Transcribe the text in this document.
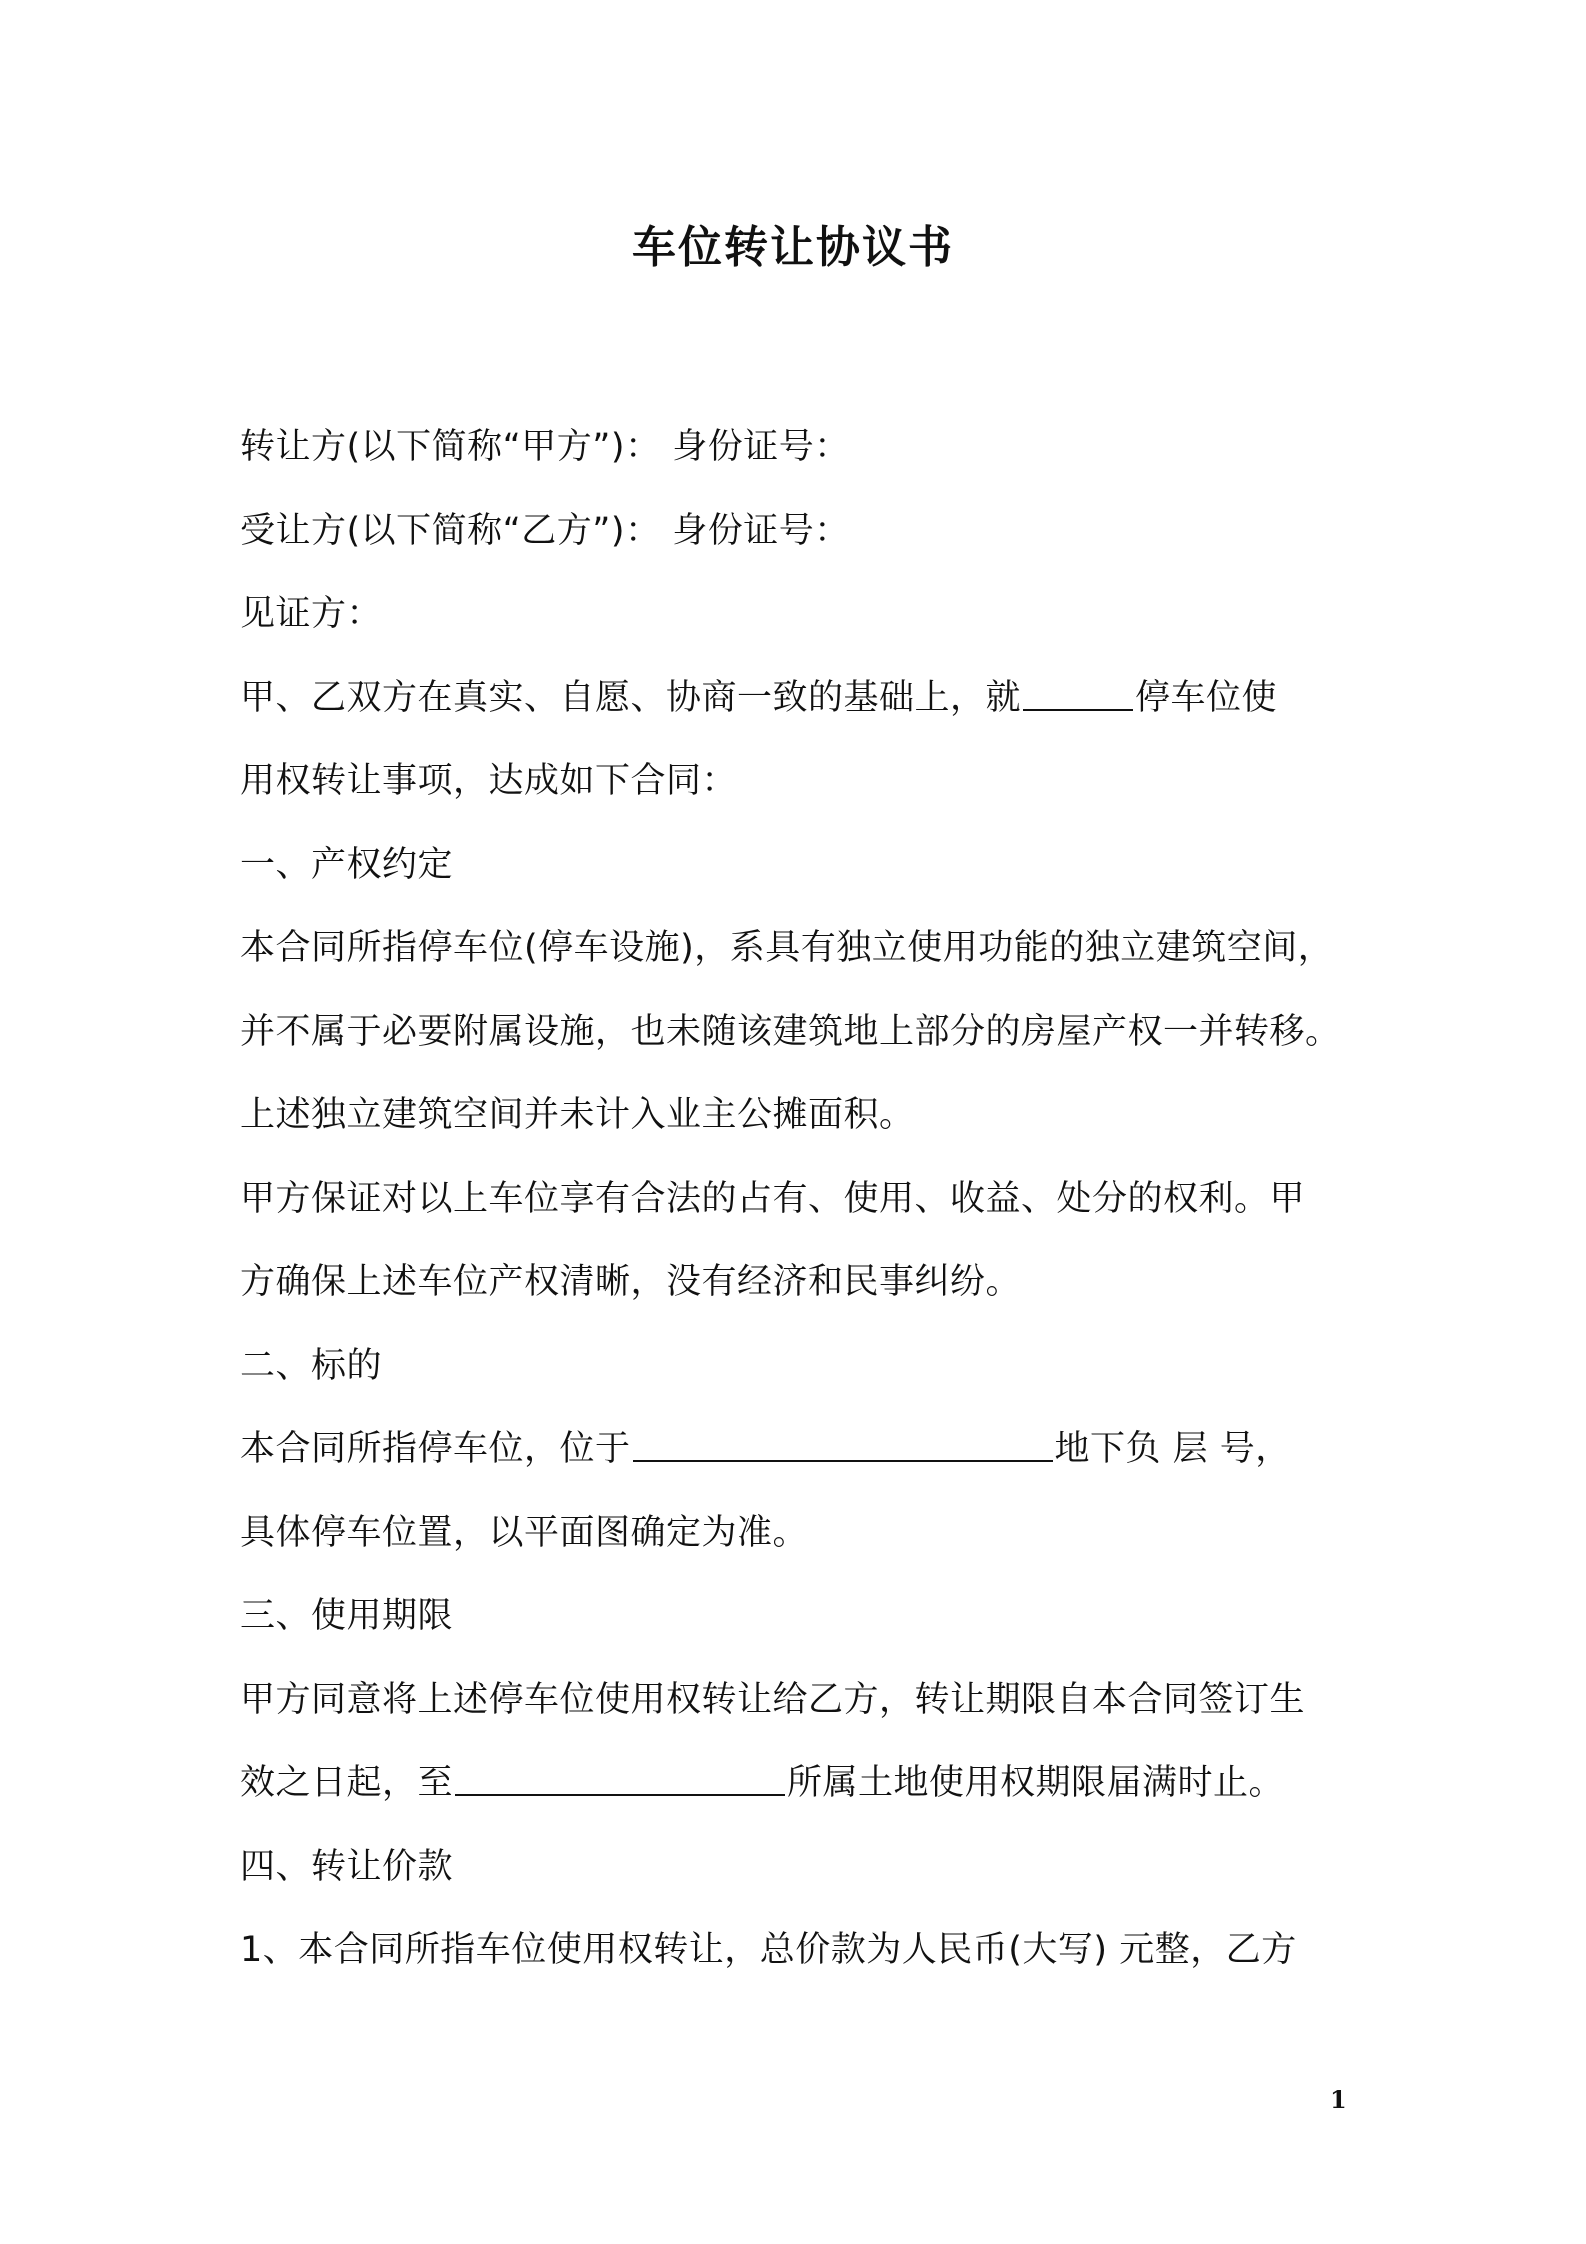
车位转让协议书
转让方(以下简称“甲方”)： 身份证号：
受让方(以下简称“乙方”)： 身份证号：
见证方：
甲、乙双方在真实、自愿、协商一致的基础上，就	停车位使
用权转让事项，达成如下合同：
一、产权约定
本合同所指停车位(停车设施)，系具有独立使用功能的独立建筑空间，
并不属于必要附属设施，也未随该建筑地上部分的房屋产权一并转移。
上述独立建筑空间并未计入业主公摊面积。
甲方保证对以上车位享有合法的占有、使用、收益、处分的权利。甲
方确保上述车位产权清晰，没有经济和民事纠纷。
二、标的
本合同所指停车位，位于	地下负 层 号，
具体停车位置，以平面图确定为准。
三、使用期限
甲方同意将上述停车位使用权转让给乙方，转让期限自本合同签订生
效之日起，至	所属土地使用权期限届满时止。
四、转让价款
1、本合同所指车位使用权转让，总价款为人民币(大写) 元整，乙方
1
